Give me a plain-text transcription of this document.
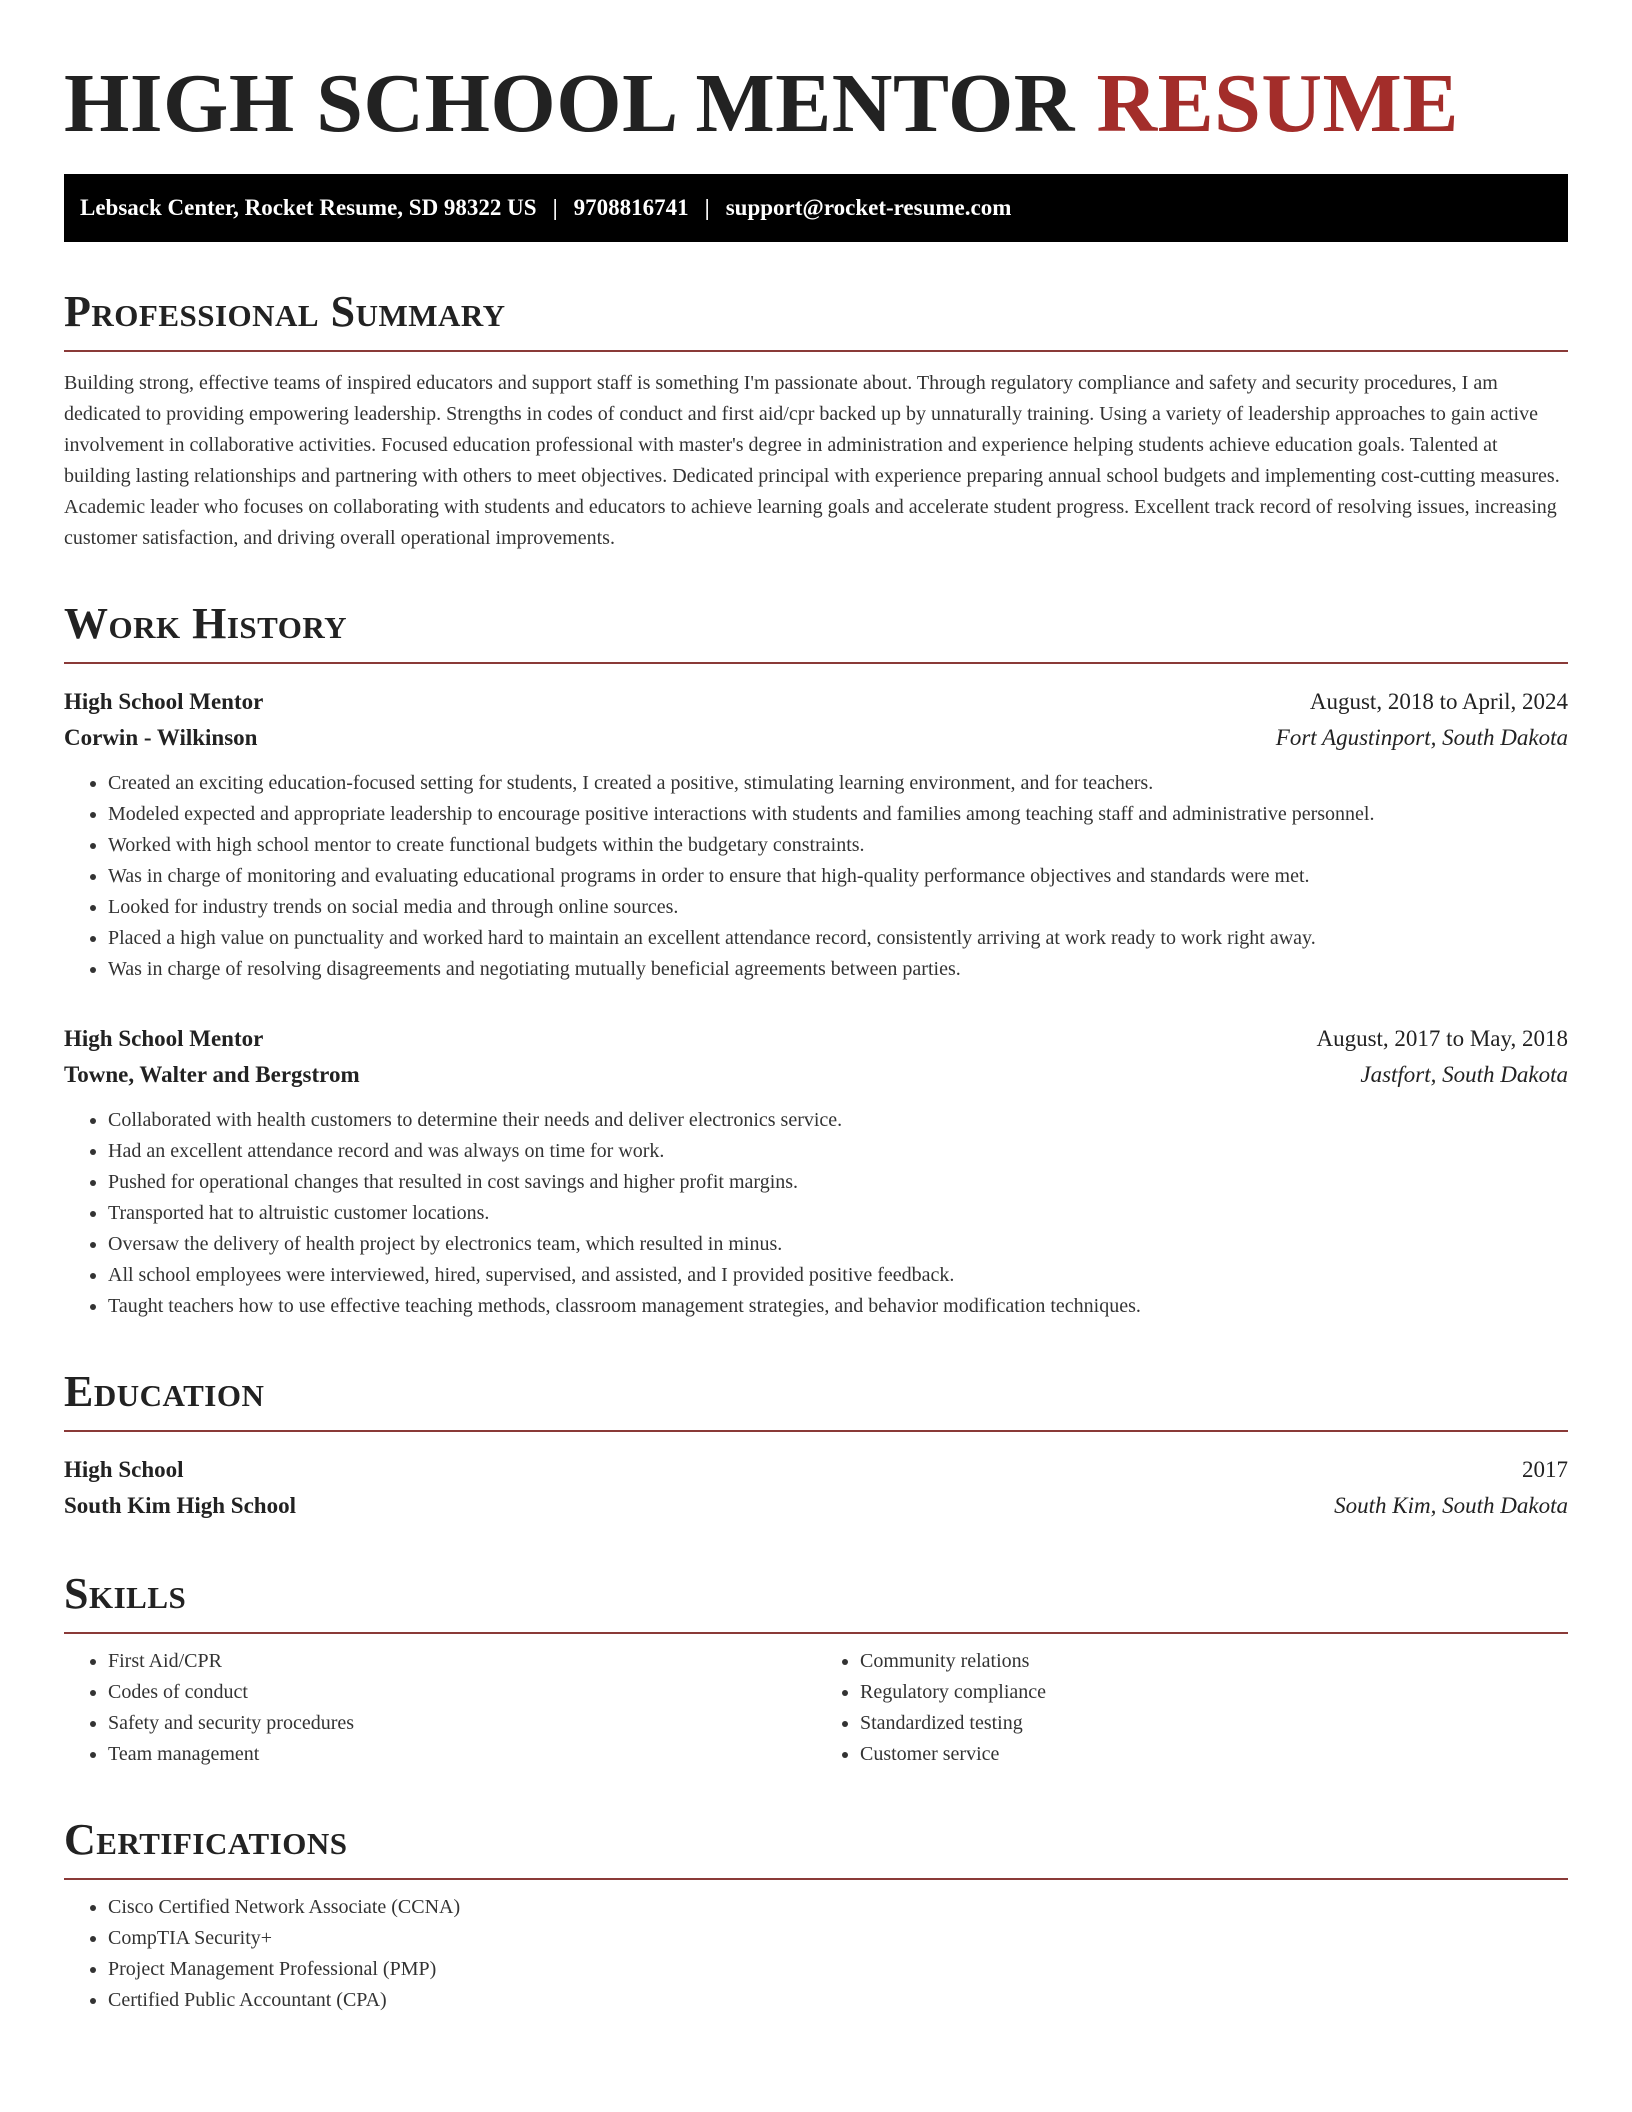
HIGH SCHOOL MENTOR RESUME
Lebsack Center, Rocket Resume, SD 98322 US | 9708816741 | support@rocket-resume.com
Professional Summary

Building strong, effective teams of inspired educators and support staff is something I'm passionate about. Through regulatory compliance and safety and security procedures, I am dedicated to providing empowering leadership. Strengths in codes of conduct and first aid/cpr backed up by unnaturally training. Using a variety of leadership approaches to gain active involvement in collaborative activities. Focused education professional with master's degree in administration and experience helping students achieve education goals. Talented at building lasting relationships and partnering with others to meet objectives. Dedicated principal with experience preparing annual school budgets and implementing cost-cutting measures. Academic leader who focuses on collaborating with students and educators to achieve learning goals and accelerate student progress. Excellent track record of resolving issues, increasing customer satisfaction, and driving overall operational improvements.

Work History
High School Mentor	August, 2018 to April, 2024
Corwin - Wilkinson	Fort Agustinport, South Dakota
• Created an exciting education-focused setting for students, I created a positive, stimulating learning environment, and for teachers.
• Modeled expected and appropriate leadership to encourage positive interactions with students and families among teaching staff and administrative personnel.
• Worked with high school mentor to create functional budgets within the budgetary constraints.
• Was in charge of monitoring and evaluating educational programs in order to ensure that high-quality performance objectives and standards were met.
• Looked for industry trends on social media and through online sources.
• Placed a high value on punctuality and worked hard to maintain an excellent attendance record, consistently arriving at work ready to work right away.
• Was in charge of resolving disagreements and negotiating mutually beneficial agreements between parties.
High School Mentor	August, 2017 to May, 2018
Towne, Walter and Bergstrom	Jastfort, South Dakota
• Collaborated with health customers to determine their needs and deliver electronics service.
• Had an excellent attendance record and was always on time for work.
• Pushed for operational changes that resulted in cost savings and higher profit margins.
• Transported hat to altruistic customer locations.
• Oversaw the delivery of health project by electronics team, which resulted in minus.
• All school employees were interviewed, hired, supervised, and assisted, and I provided positive feedback.
• Taught teachers how to use effective teaching methods, classroom management strategies, and behavior modification techniques.
Education
High School	2017
South Kim High School	South Kim, South Dakota
Skills
• First Aid/CPR
• Codes of conduct
• Safety and security procedures
• Team management
• Community relations
• Regulatory compliance
• Standardized testing
• Customer service
Certifications
• Cisco Certified Network Associate (CCNA)
• CompTIA Security+
• Project Management Professional (PMP)
• Certified Public Accountant (CPA)
